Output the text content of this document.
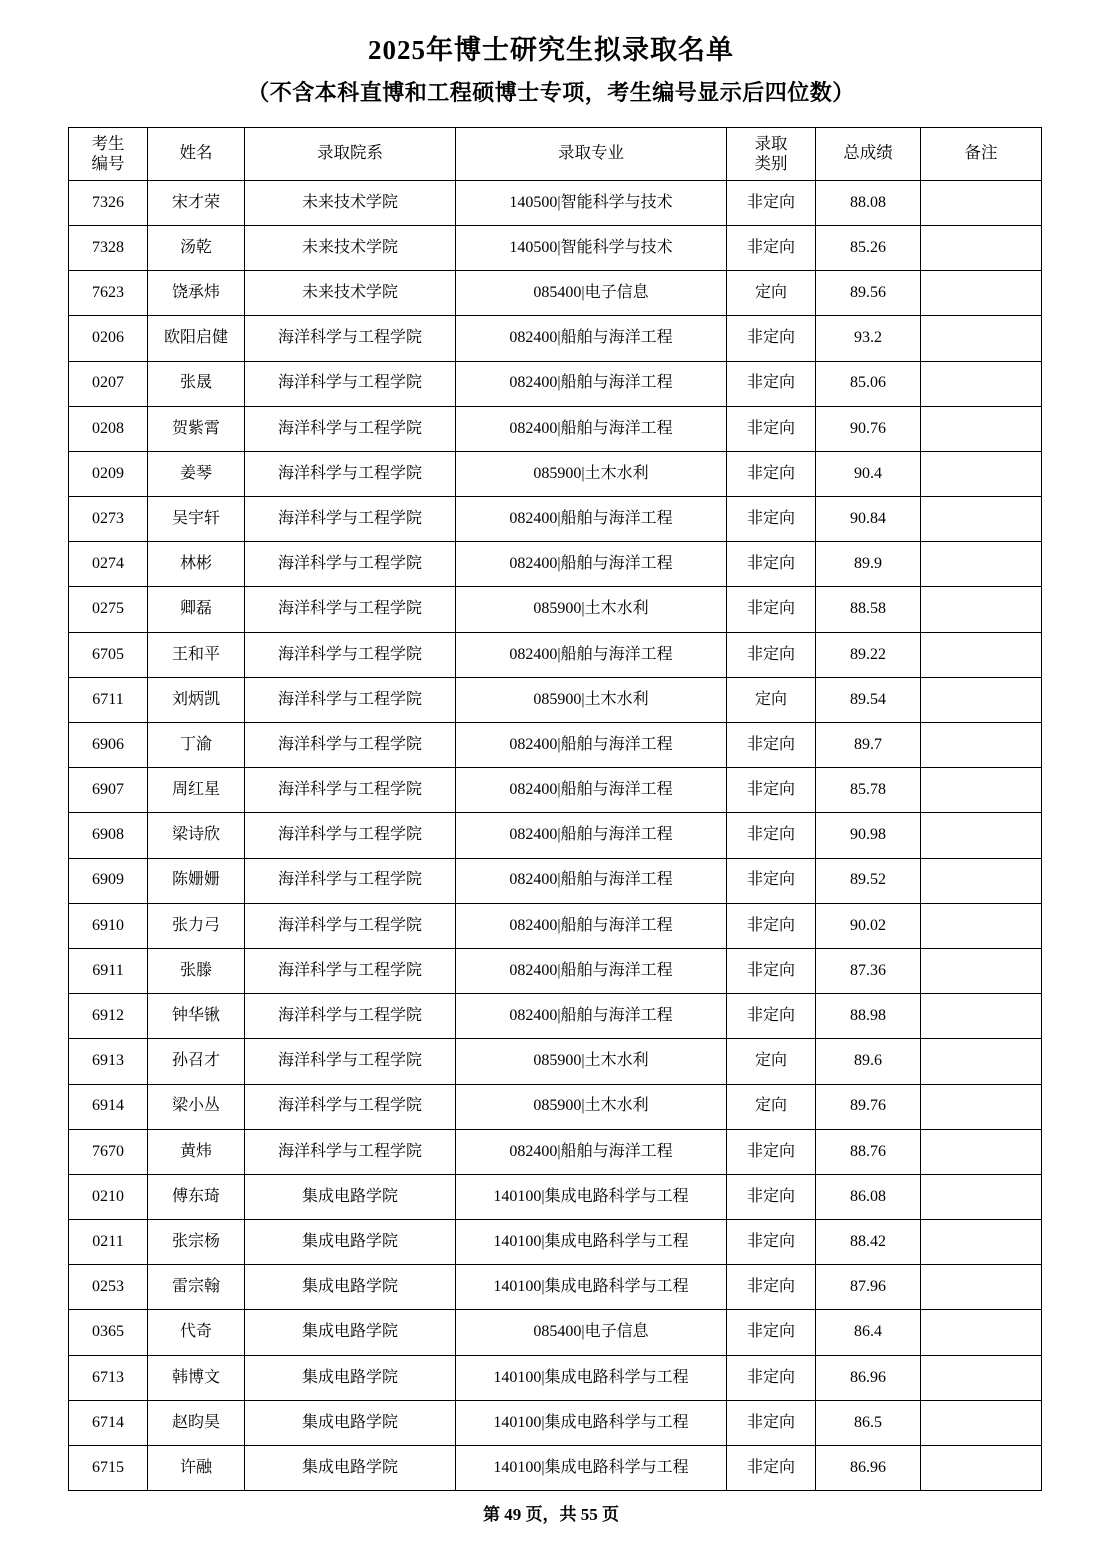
2025年博士研究生拟录取名单
（不含本科直博和工程硕博士专项，考生编号显示后四位数）
考生
编号	姓名	录取院系	录取专业	录取
类别	总成绩	备注
7326	宋才荣	未来技术学院	140500|智能科学与技术	非定向	88.08	
7328	汤乾	未来技术学院	140500|智能科学与技术	非定向	85.26	
7623	饶承炜	未来技术学院	085400|电子信息	定向	89.56	
0206	欧阳启健	海洋科学与工程学院	082400|船舶与海洋工程	非定向	93.2	
0207	张晟	海洋科学与工程学院	082400|船舶与海洋工程	非定向	85.06	
0208	贺紫霄	海洋科学与工程学院	082400|船舶与海洋工程	非定向	90.76	
0209	姜琴	海洋科学与工程学院	085900|土木水利	非定向	90.4	
0273	吴宇轩	海洋科学与工程学院	082400|船舶与海洋工程	非定向	90.84	
0274	林彬	海洋科学与工程学院	082400|船舶与海洋工程	非定向	89.9	
0275	卿磊	海洋科学与工程学院	085900|土木水利	非定向	88.58	
6705	王和平	海洋科学与工程学院	082400|船舶与海洋工程	非定向	89.22	
6711	刘炳凯	海洋科学与工程学院	085900|土木水利	定向	89.54	
6906	丁渝	海洋科学与工程学院	082400|船舶与海洋工程	非定向	89.7	
6907	周红星	海洋科学与工程学院	082400|船舶与海洋工程	非定向	85.78	
6908	梁诗欣	海洋科学与工程学院	082400|船舶与海洋工程	非定向	90.98	
6909	陈姗姗	海洋科学与工程学院	082400|船舶与海洋工程	非定向	89.52	
6910	张力弓	海洋科学与工程学院	082400|船舶与海洋工程	非定向	90.02	
6911	张滕	海洋科学与工程学院	082400|船舶与海洋工程	非定向	87.36	
6912	钟华锹	海洋科学与工程学院	082400|船舶与海洋工程	非定向	88.98	
6913	孙召才	海洋科学与工程学院	085900|土木水利	定向	89.6	
6914	梁小丛	海洋科学与工程学院	085900|土木水利	定向	89.76	
7670	黄炜	海洋科学与工程学院	082400|船舶与海洋工程	非定向	88.76	
0210	傅东琦	集成电路学院	140100|集成电路科学与工程	非定向	86.08	
0211	张宗杨	集成电路学院	140100|集成电路科学与工程	非定向	88.42	
0253	雷宗翰	集成电路学院	140100|集成电路科学与工程	非定向	87.96	
0365	代奇	集成电路学院	085400|电子信息	非定向	86.4	
6713	韩博文	集成电路学院	140100|集成电路科学与工程	非定向	86.96	
6714	赵昀昊	集成电路学院	140100|集成电路科学与工程	非定向	86.5	
6715	许融	集成电路学院	140100|集成电路科学与工程	非定向	86.96	
第 49 页，共 55 页
